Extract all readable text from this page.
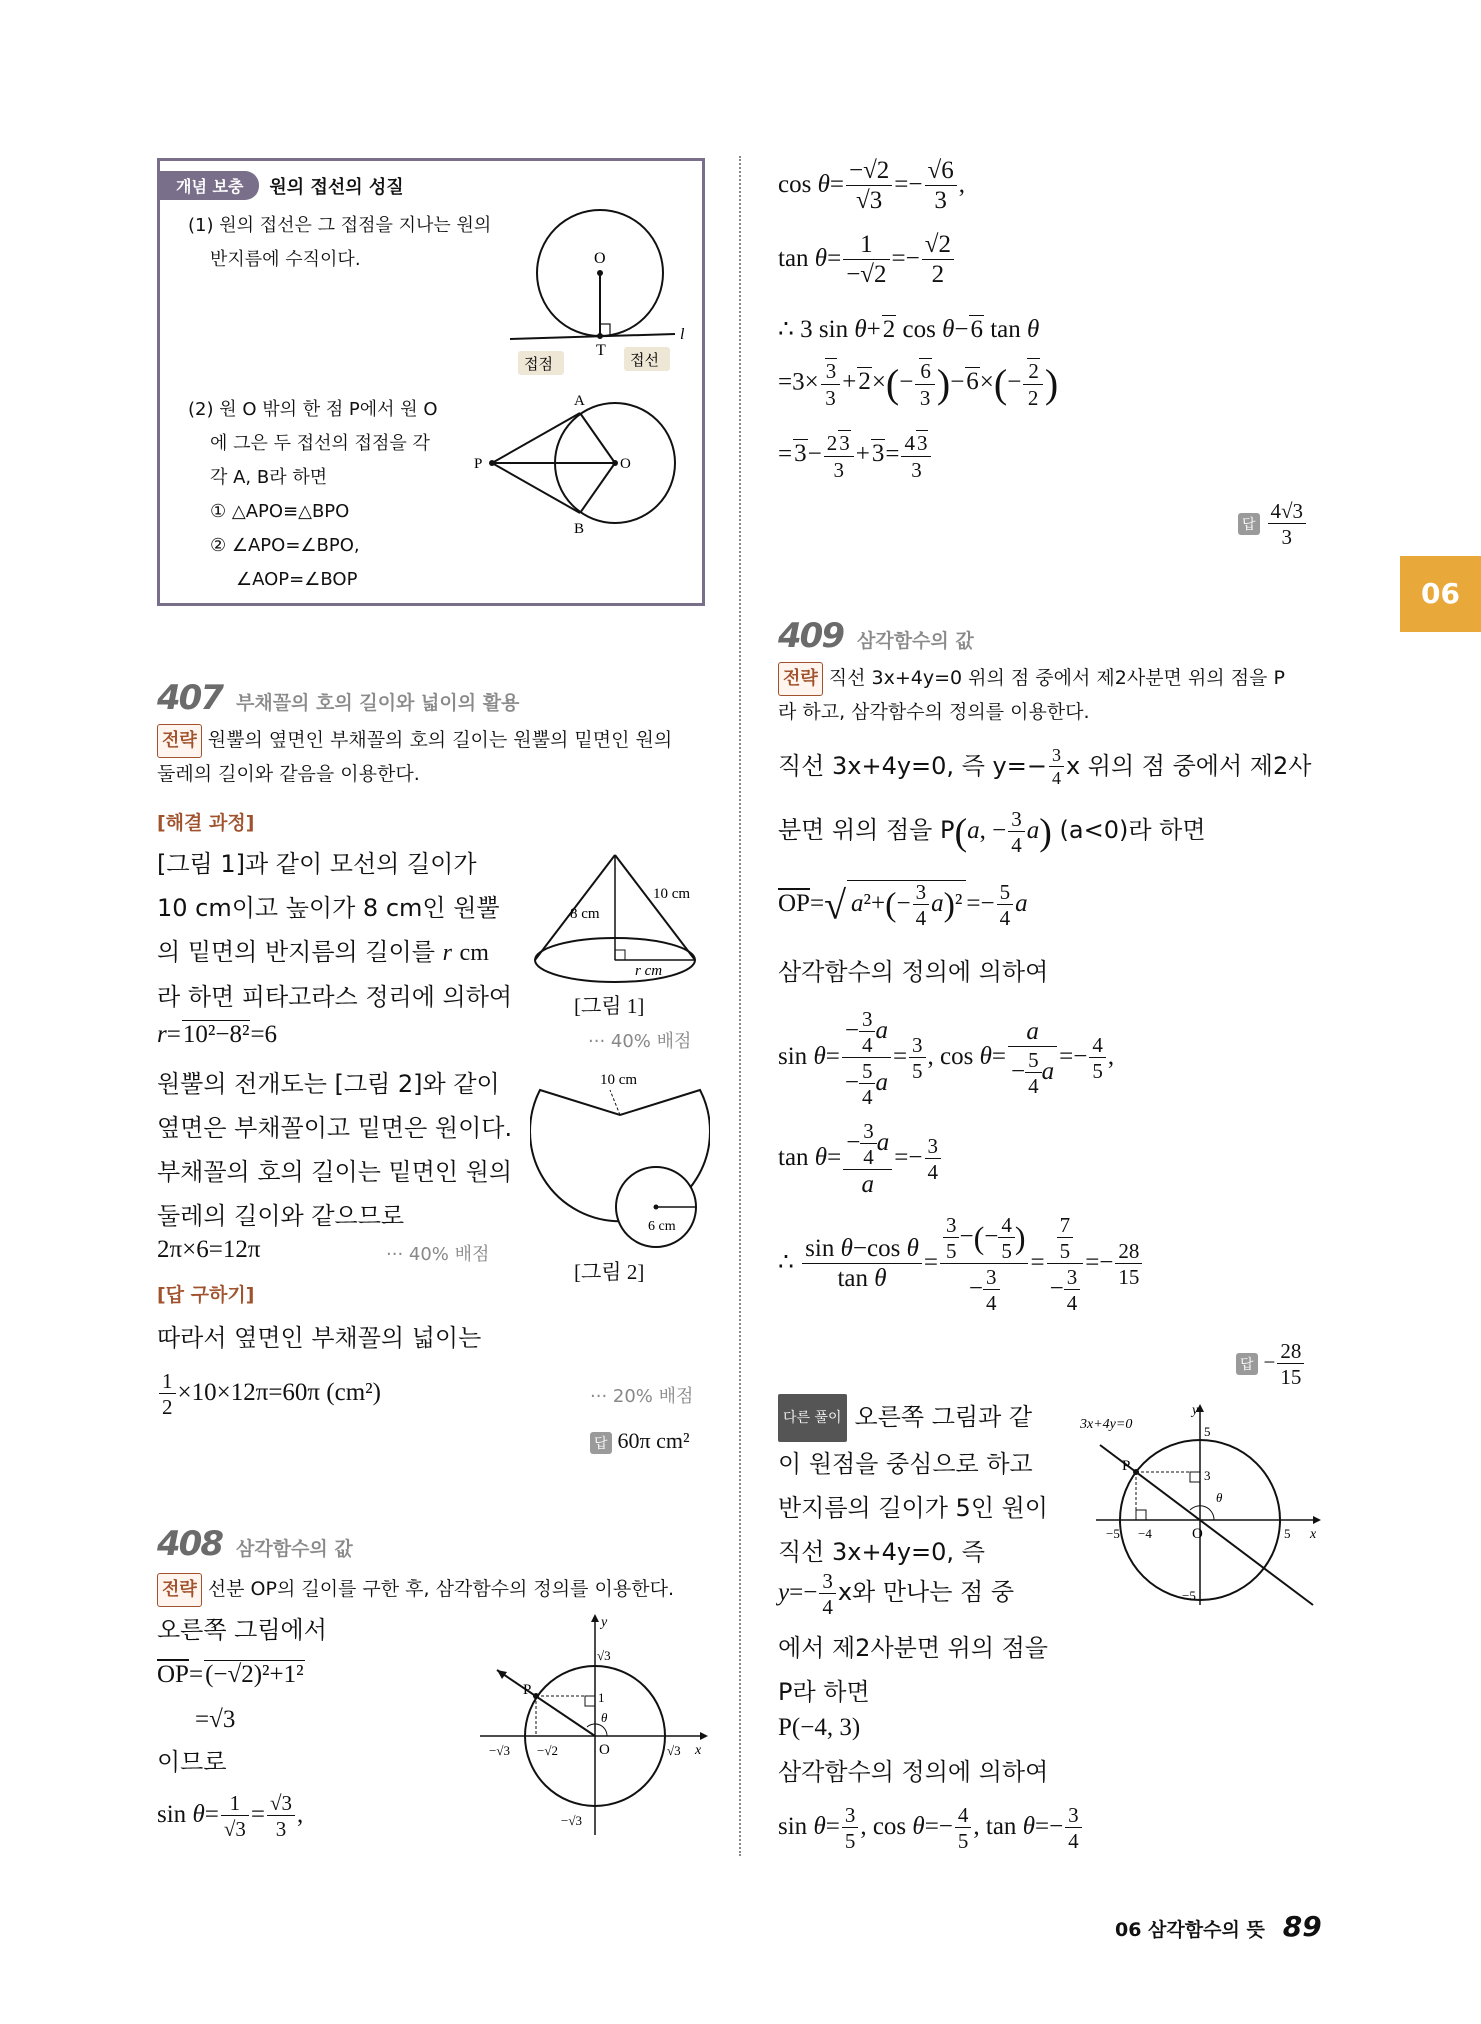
개념 보충	원의 접선의 성질
(1) 원의 접선은 그 접점을 지나는 원의
반지름에 수직이다.
(2) 원 O 밖의 한 점 P에서 원 O
에 그은 두 접선의 접점을 각
각 A, B라 하면
① △APO≡△BPO
② ∠APO=∠BPO,
∠AOP=∠BOP
O
T
l
접점	접선
A
B
P	O
407 부채꼴의 호의 길이와 넓이의 활용
전략 원뿔의 옆면인 부채꼴의 호의 길이는 원뿔의 밑면인 원의
둘레의 길이와 같음을 이용한다.
[해결 과정]
[그림 1]과 같이 모선의 길이가
10 cm이고 높이가 8 cm인 원뿔
의 밑면의 반지름의 길이를 r cm
라 하면 피타고라스 정리에 의하여
r=10²−8²=6	··· 40% 배점
원뿔의 전개도는 [그림 2]와 같이
옆면은 부채꼴이고 밑면은 원이다.
부채꼴의 호의 길이는 밑면인 원의
둘레의 길이와 같으므로
2π×6=12π	··· 40% 배점
[답 구하기]
따라서 옆면인 부채꼴의 넓이는
$\frac{1}{2} \times 10\times 12\pi=60\pi$ (cm²)	··· 20% 배점
답 60π cm²
8 cm
10 cm
r cm
[그림 1]
10 cm
6 cm
[그림 2]
408 삼각함수의 값
전략 선분 OP의 길이를 구한 후, 삼각함수의 정의를 이용한다.
오른쪽 그림에서
$\overline{OP}=(-√2)^2+1^2$
=√3
이므로
$\sin \theta= \frac{1}{√3} = \frac{√3}{3}$ ,
y
x
P
O
1
θ
√3
√3
−√3 −√2
−√3
$\cos \theta= \frac{-√2}{√3} =- \frac{√6}{3}$ ,
$\tan \theta= \frac{1}{-√2} =- \frac{√2}{2}$
∴ 3 sin θ+2 cos θ−6 tan θ
$=3\times \frac{3}{3} +2\times(- \frac{6}{3} )-6\times(- \frac{2}{2}$ )
$=3- \frac{23}{3} +3= \frac{43}{3}$
답 $\frac{4√3}{3}$
06
409 삼각함수의 값
전략 직선 3x+4y=0 위의 점 중에서 제2사분면 위의 점을 P
라 하고, 삼각함수의 정의를 이용한다.
직선 3x+4y=0, 즉 $y=- \frac{3}{4}$ x 위의 점 중에서 제2사
분면 위의 점을 P(a, − $\frac{3}{4} a$) (a<0)라 하면
$\overline{OP}=√$ $a^2+(- \frac{3}{4} a)^2 =- \frac{5}{4}$ a
삼각함수의 정의에 의하여
$\sin \theta= \frac{- \frac{3}{4} a}{- \frac{5}{4} a} = \frac{3}{5}$ , $\cos \theta= \frac{a}{- \frac{5}{4} a} =- \frac{4}{5}$ ,
$\tan \theta= \frac{- \frac{3}{4} a}{a} =- \frac{3}{4}$
∴ $\frac{\text{sin θ−cos θ}}{\text{tan θ}} = \frac{\frac{3}{5} -(- \frac{4}{5} )}{- \frac{3}{4}} = \frac{\frac{7}{5}}{- \frac{3}{4}} =- \frac{28}{15}$
답 − $\frac{28}{15}$
다른 풀이 오른쪽 그림과 같
이 원점을 중심으로 하고
반지름의 길이가 5인 원이
직선 3x+4y=0, 즉
$y=- \frac{3}{4}$ x와 만나는 점 중
에서 제2사분면 위의 점을
P라 하면
P(−4, 3)
삼각함수의 정의에 의하여
$\sin \theta= \frac{3}{5}$ , $\cos \theta=- \frac{4}{5}$ , $\tan \theta=- \frac{3}{4}$
3x+4y=0
y
x
P
O
5
5
−5 −4
−5
3
θ
06 삼각함수의 뜻 89
